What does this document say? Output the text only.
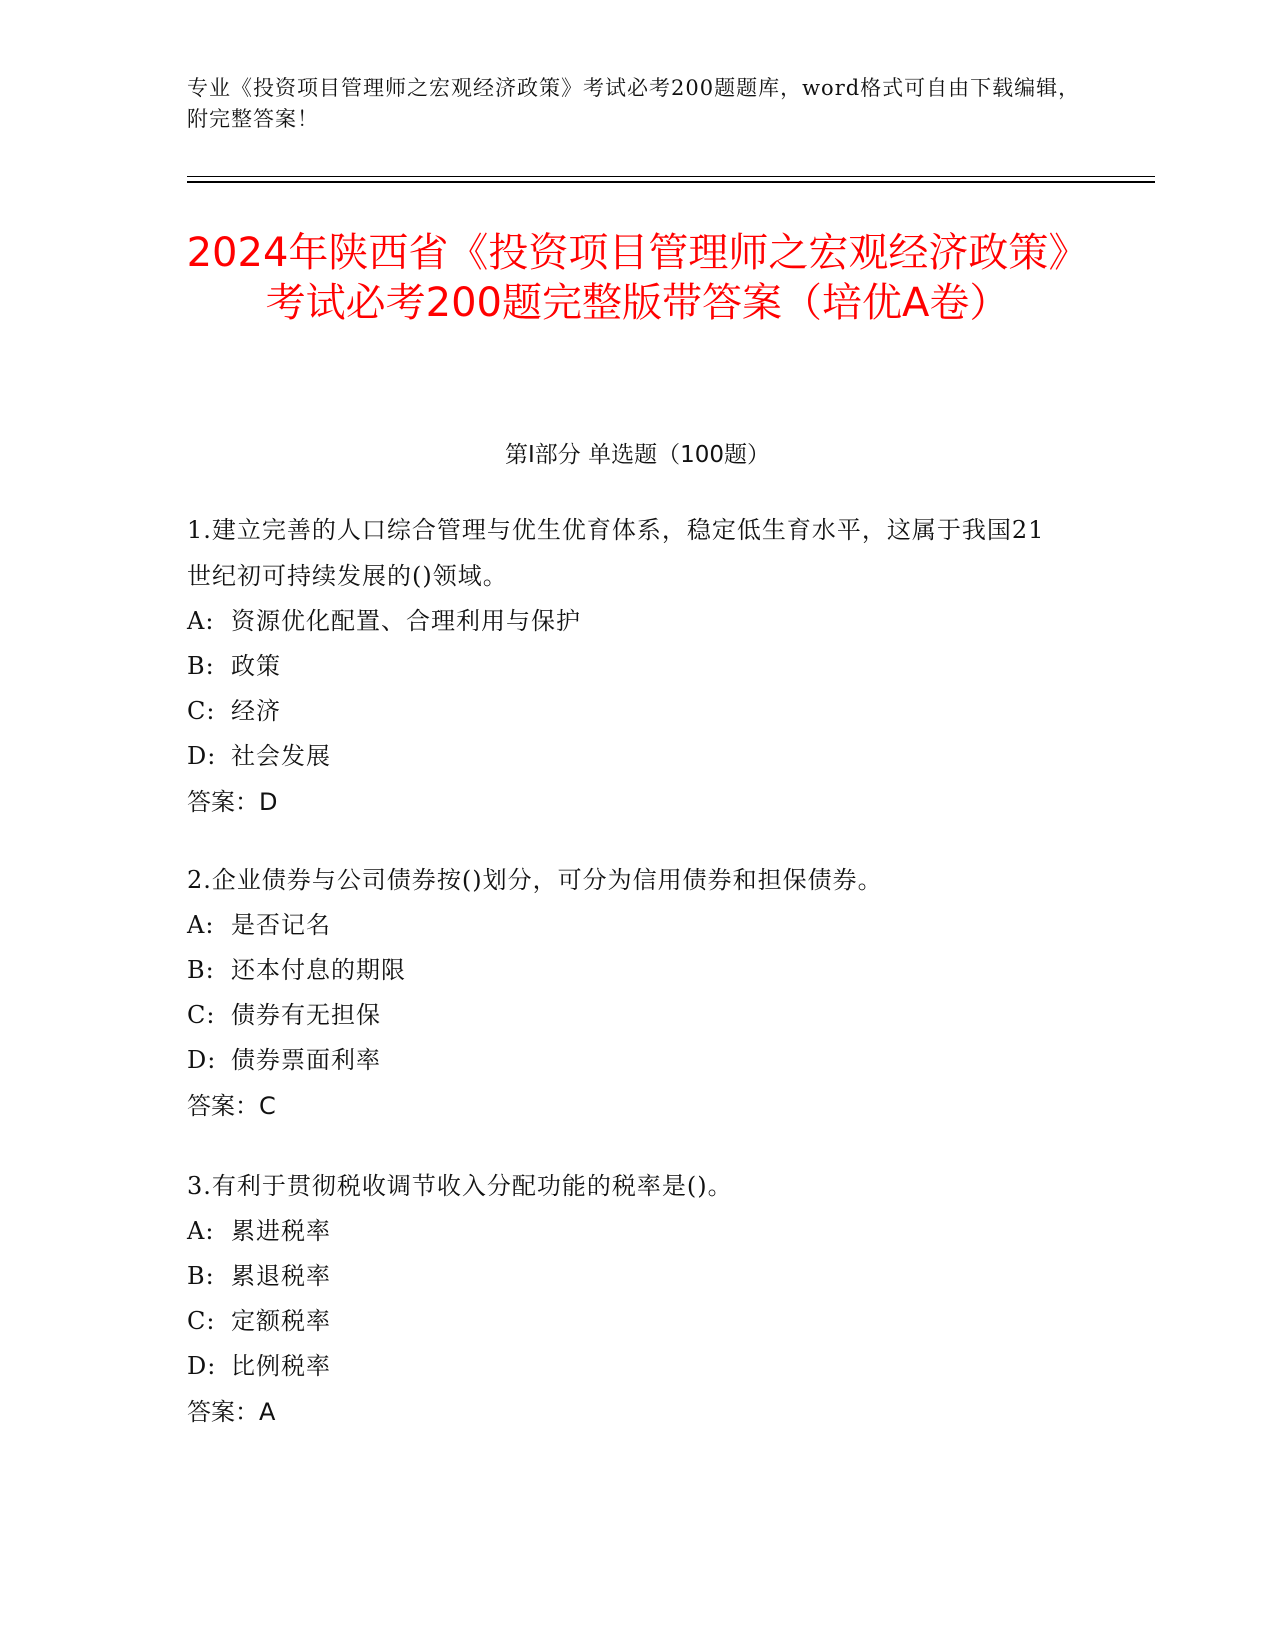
专业《投资项目管理师之宏观经济政策》考试必考200题题库，word格式可自由下载编辑，附完整答案！
2024年陕西省《投资项目管理师之宏观经济政策》考试必考200题完整版带答案（培优A卷）
第I部分 单选题（100题）
1.建立完善的人口综合管理与优生优育体系，稳定低生育水平，这属于我国21世纪初可持续发展的()领域。
A: 资源优化配置、合理利用与保护
B: 政策
C: 经济
D: 社会发展
答案：D
2.企业债券与公司债券按()划分，可分为信用债券和担保债券。
A: 是否记名
B: 还本付息的期限
C: 债券有无担保
D: 债券票面利率
答案：C
3.有利于贯彻税收调节收入分配功能的税率是()。
A: 累进税率
B: 累退税率
C: 定额税率
D: 比例税率
答案：A
